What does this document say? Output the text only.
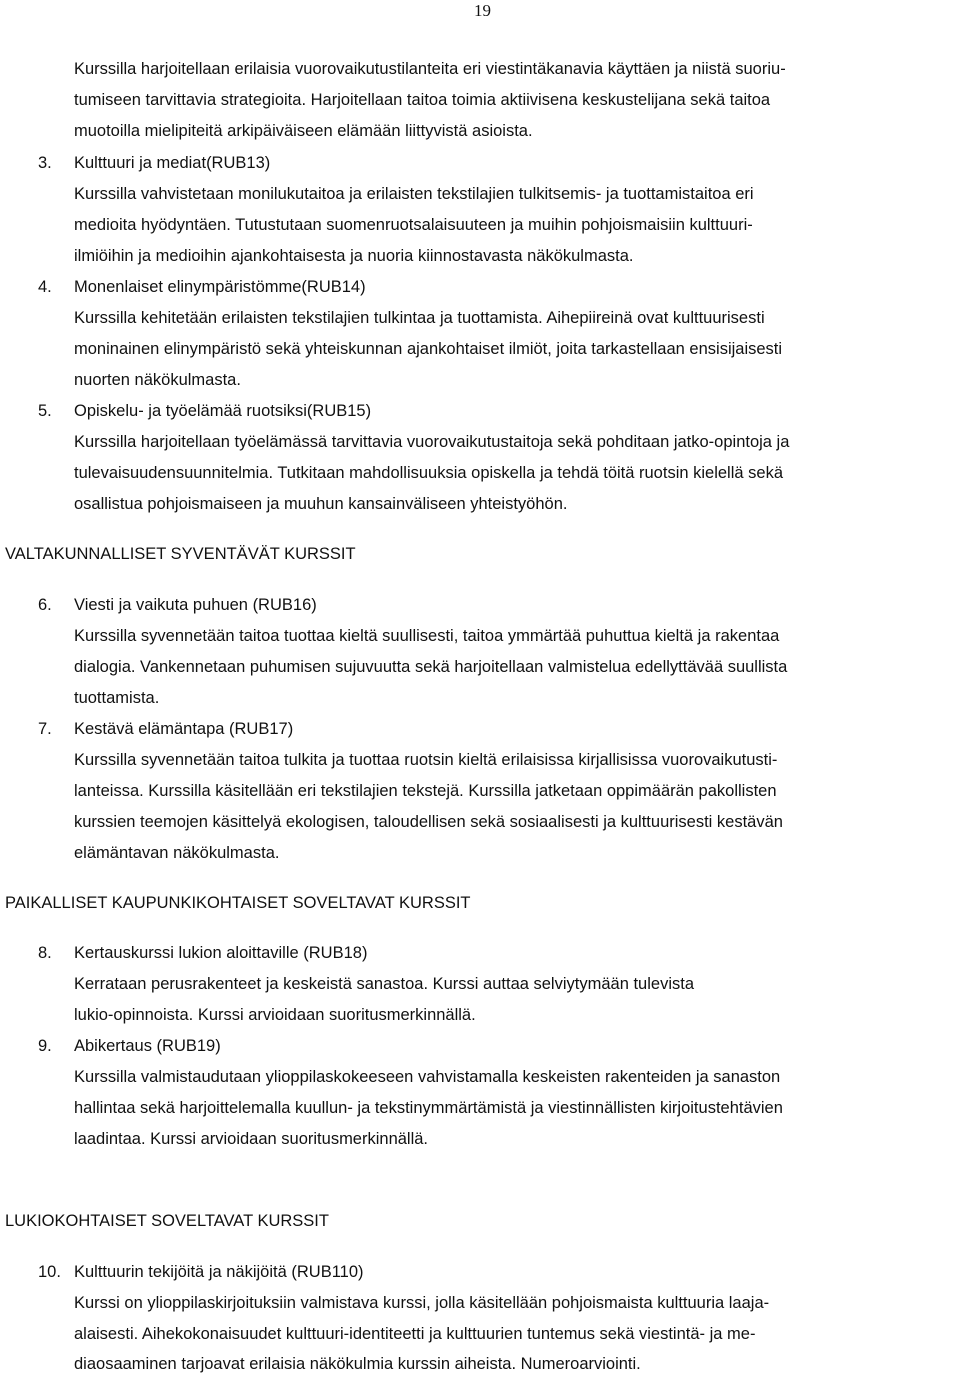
19
Kurssilla harjoitellaan erilaisia vuorovaikutustilanteita eri viestintäkanavia käyttäen ja niistä suoriu-
tumiseen tarvittavia strategioita. Harjoitellaan taitoa toimia aktiivisena keskustelijana sekä taitoa
muotoilla mielipiteitä arkipäiväiseen elämään liittyvistä asioista.
3. Kulttuuri ja mediat(RUB13)
Kurssilla vahvistetaan monilukutaitoa ja erilaisten tekstilajien tulkitsemis- ja tuottamistaitoa eri
medioita hyödyntäen. Tutustutaan suomenruotsalaisuuteen ja muihin pohjoismaisiin kulttuuri-
ilmiöihin ja medioihin ajankohtaisesta ja nuoria kiinnostavasta näkökulmasta.
4. Monenlaiset elinympäristömme(RUB14)
Kurssilla kehitetään erilaisten tekstilajien tulkintaa ja tuottamista. Aihepiireinä ovat kulttuurisesti
moninainen elinympäristö sekä yhteiskunnan ajankohtaiset ilmiöt, joita tarkastellaan ensisijaisesti
nuorten näkökulmasta.
5. Opiskelu- ja työelämää ruotsiksi(RUB15)
Kurssilla harjoitellaan työelämässä tarvittavia vuorovaikutustaitoja sekä pohditaan jatko-opintoja ja
tulevaisuudensuunnitelmia. Tutkitaan mahdollisuuksia opiskella ja tehdä töitä ruotsin kielellä sekä
osallistua pohjoismaiseen ja muuhun kansainväliseen yhteistyöhön.
VALTAKUNNALLISET SYVENTÄVÄT KURSSIT
6. Viesti ja vaikuta puhuen (RUB16)
Kurssilla syvennetään taitoa tuottaa kieltä suullisesti, taitoa ymmärtää puhuttua kieltä ja rakentaa
dialogia. Vankennetaan puhumisen sujuvuutta sekä harjoitellaan valmistelua edellyttävää suullista
tuottamista.
7. Kestävä elämäntapa (RUB17)
Kurssilla syvennetään taitoa tulkita ja tuottaa ruotsin kieltä erilaisissa kirjallisissa vuorovaikutusti-
lanteissa. Kurssilla käsitellään eri tekstilajien tekstejä. Kurssilla jatketaan oppimäärän pakollisten
kurssien teemojen käsittelyä ekologisen, taloudellisen sekä sosiaalisesti ja kulttuurisesti kestävän
elämäntavan näkökulmasta.
PAIKALLISET KAUPUNKIKOHTAISET SOVELTAVAT KURSSIT
8. Kertauskurssi lukion aloittaville (RUB18)
Kerrataan perusrakenteet ja keskeistä sanastoa. Kurssi auttaa selviytymään tulevista
lukio-opinnoista. Kurssi arvioidaan suoritusmerkinnällä.
9. Abikertaus (RUB19)
Kurssilla valmistaudutaan ylioppilaskokeeseen vahvistamalla keskeisten rakenteiden ja sanaston
hallintaa sekä harjoittelemalla kuullun- ja tekstinymmärtämistä ja viestinnällisten kirjoitustehtävien
laadintaa. Kurssi arvioidaan suoritusmerkinnällä.
LUKIOKOHTAISET SOVELTAVAT KURSSIT
10. Kulttuurin tekijöitä ja näkijöitä (RUB110)
Kurssi on ylioppilaskirjoituksiin valmistava kurssi, jolla käsitellään pohjoismaista kulttuuria laaja-
alaisesti. Aihekokonaisuudet kulttuuri-identiteetti ja kulttuurien tuntemus sekä viestintä- ja me-
diaosaaminen tarjoavat erilaisia näkökulmia kurssin aiheista. Numeroarviointi.
